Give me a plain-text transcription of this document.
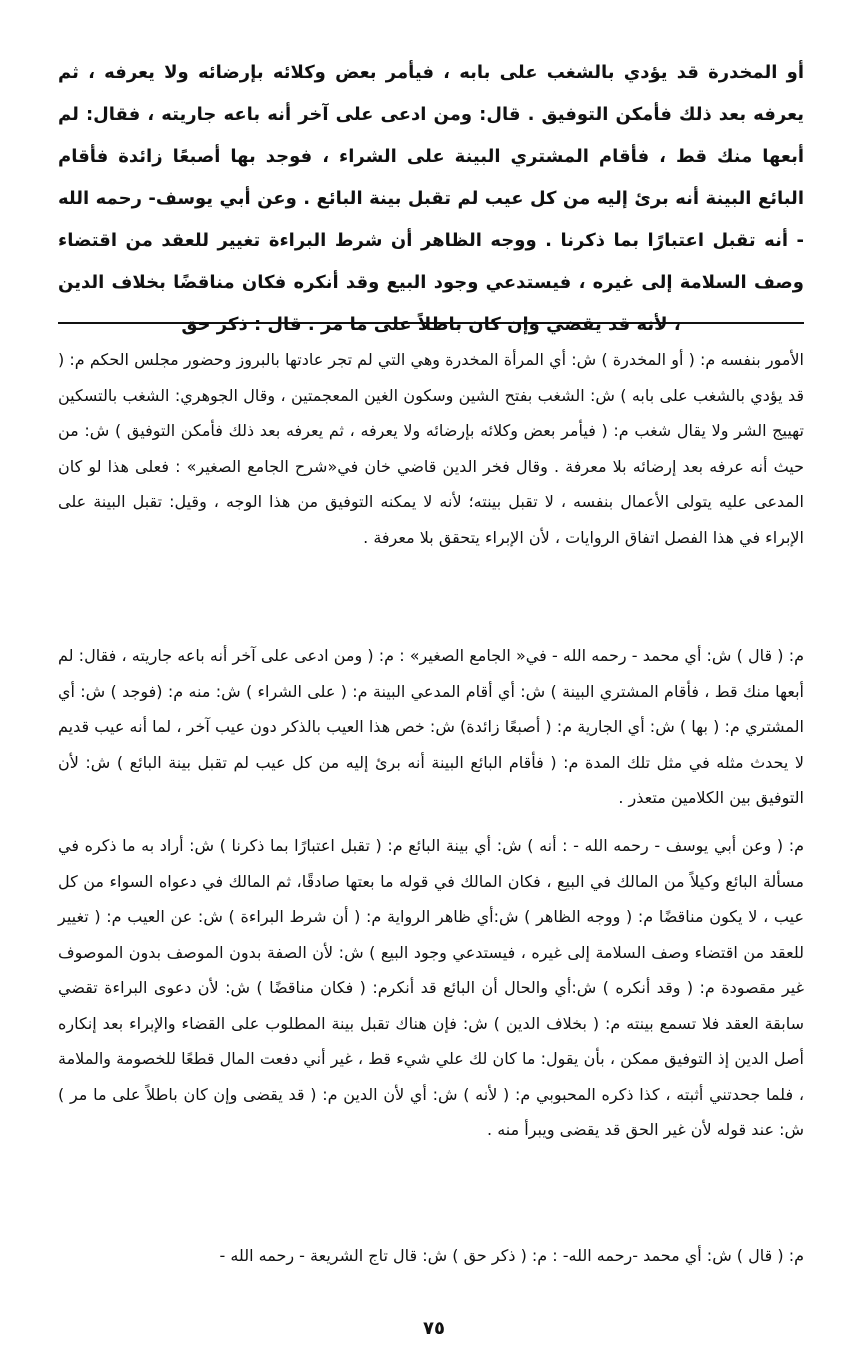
أو المخدرة قد يؤدي بالشغب على بابه ، فيأمر بعض وكلائه بإرضائه ولا يعرفه ، ثم يعرفه بعد ذلك فأمكن التوفيق . قال: ومن ادعى على آخر أنه باعه جاريته ، فقال: لم أبعها منك قط ، فأقام المشتري البينة على الشراء ، فوجد بها أصبعًا زائدة فأقام البائع البينة أنه برئ إليه من كل عيب لم تقبل بينة البائع . وعن أبي يوسف- رحمه الله - أنه تقبل اعتبارًا بما ذكرنا . ووجه الظاهر أن شرط البراءة تغيير للعقد من اقتضاء وصف السلامة إلى غيره ، فيستدعي وجود البيع وقد أنكره فكان مناقضًا بخلاف الدين ، لأنه قد يقضي وإن كان باطلاً على ما مر . قال : ذكر حق

الأمور بنفسه م: ( أو المخدرة ) ش: أي المرأة المخدرة وهي التي لم تجر عادتها بالبروز وحضور مجلس الحكم م: ( قد يؤدي بالشغب على بابه ) ش: الشغب بفتح الشين وسكون الغين المعجمتين ، وقال الجوهري: الشغب بالتسكين تهييج الشر ولا يقال شغب م: ( فيأمر بعض وكلائه بإرضائه ولا يعرفه ، ثم يعرفه بعد ذلك فأمكن التوفيق ) ش: من حيث أنه عرفه بعد إرضائه بلا معرفة . وقال فخر الدين قاضي خان في«شرح الجامع الصغير» : فعلى هذا لو كان المدعى عليه يتولى الأعمال بنفسه ، لا تقبل بينته؛ لأنه لا يمكنه التوفيق من هذا الوجه ، وقيل: تقبل البينة على الإبراء في هذا الفصل اتفاق الروايات ، لأن الإبراء يتحقق بلا معرفة .

م: ( قال ) ش: أي محمد - رحمه الله - في« الجامع الصغير» : م: ( ومن ادعى على آخر أنه باعه جاريته ، فقال: لم أبعها منك قط ، فأقام المشتري البينة ) ش: أي أقام المدعي البينة م: ( على الشراء ) ش: منه م: (فوجد ) ش: أي المشتري م: ( بها ) ش: أي الجارية م: ( أصبعًا زائدة) ش: خص هذا العيب بالذكر دون عيب آخر ، لما أنه عيب قديم لا يحدث مثله في مثل تلك المدة م: ( فأقام البائع البينة أنه برئ إليه من كل عيب لم تقبل بينة البائع ) ش: لأن التوفيق بين الكلامين متعذر .

م: ( وعن أبي يوسف - رحمه الله - : أنه ) ش: أي بينة البائع م: ( تقبل اعتبارًا بما ذكرنا ) ش: أراد به ما ذكره في مسألة البائع وكيلاً من المالك في البيع ، فكان المالك في قوله ما بعتها صادقًا، ثم المالك في دعواه السواء من كل عيب ، لا يكون مناقضًا م: ( ووجه الظاهر ) ش:أي ظاهر الرواية م: ( أن شرط البراءة ) ش: عن العيب م: ( تغيير للعقد من اقتضاء وصف السلامة إلى غيره ، فيستدعي وجود البيع ) ش: لأن الصفة بدون الموصف بدون الموصوف غير مقصودة م: ( وقد أنكره ) ش:أي والحال أن البائع قد أنكرم: ( فكان مناقضًا ) ش: لأن دعوى البراءة تقضي سابقة العقد فلا تسمع بينته م: ( بخلاف الدين ) ش: فإن هناك تقبل بينة المطلوب على القضاء والإبراء بعد إنكاره أصل الدين إذ التوفيق ممكن ، بأن يقول: ما كان لك علي شيء قط ، غير أني دفعت المال قطعًا للخصومة والملامة ، فلما جحدتني أثبته ، كذا ذكره المحبوبي م: ( لأنه ) ش: أي لأن الدين م: ( قد يقضى وإن كان باطلاً على ما مر ) ش: عند قوله لأن غير الحق قد يقضى ويبرأ منه .

م: ( قال ) ش: أي محمد -رحمه الله- : م: ( ذكر حق ) ش: قال تاج الشريعة - رحمه الله -

٧٥
